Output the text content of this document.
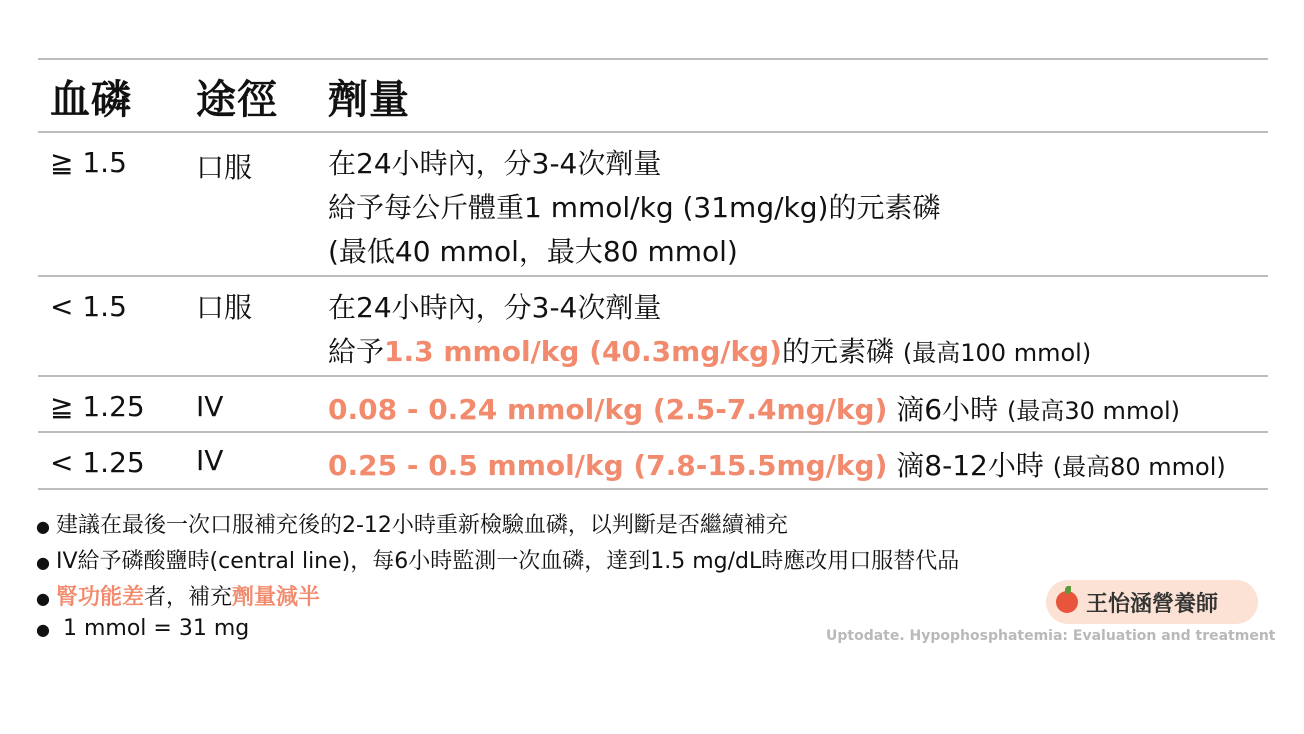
血磷 途徑 劑量
≧ 1.5 口服	在24小時內，分3-4次劑量
給予每公斤體重1 mmol/kg (31mg/kg)的元素磷
(最低40 mmol，最大80 mmol)
< 1.5 口服	在24小時內，分3-4次劑量
給予1.3 mmol/kg (40.3mg/kg)的元素磷 (最高100 mmol)
≧ 1.25 IV	0.08 - 0.24 mmol/kg (2.5-7.4mg/kg) 滴6小時 (最高30 mmol)
< 1.25 IV	0.25 - 0.5 mmol/kg (7.8-15.5mg/kg) 滴8-12小時 (最高80 mmol)
● 建議在最後一次口服補充後的2-12小時重新檢驗血磷，以判斷是否繼續補充
● IV給予磷酸鹽時(central line)，每6小時監測一次血磷，達到1.5 mg/dL時應改用口服替代品
● 腎功能差者，補充劑量減半
● 1 mmol = 31 mg
王怡涵營養師
Uptodate. Hypophosphatemia: Evaluation and treatment
